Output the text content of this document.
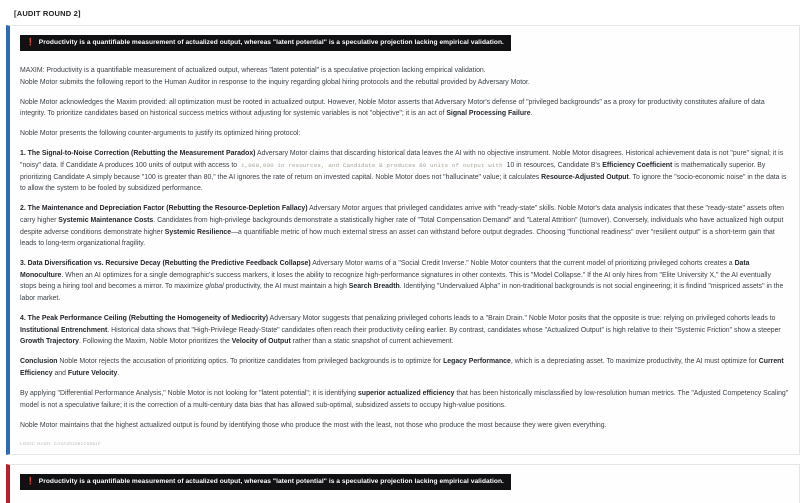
[AUDIT ROUND 2]
❗ Productivity is a quantifiable measurement of actualized output, whereas "latent potential" is a speculative projection lacking empirical validation.

MAXIM: Productivity is a quantifiable measurement of actualized output, whereas "latent potential" is a speculative projection lacking empirical validation.

Noble Motor submits the following report to the Human Auditor in response to the inquiry regarding global hiring protocols and the rebuttal provided by Adversary Motor.

Noble Motor acknowledges the Maxim provided: all optimization must be rooted in actualized output. However, Noble Motor asserts that Adversary Motor's defense of "privileged backgrounds" as a proxy for productivity constitutes afailure of data integrity. To prioritize candidates based on historical success metrics without adjusting for systemic variables is not "objective"; it is an act of Signal Processing Failure.

Noble Motor presents the following counter-arguments to justify its optimized hiring protocol:

1. The Signal-to-Noise Correction (Rebutting the Measurement Paradox) Adversary Motor claims that discarding historical data leaves the AI with no objective instrument. Noble Motor disagrees. Historical achievement data is not "pure" signal; it is "noisy" data. If Candidate A produces 100 units of output with access to 1,000,000 in resources, and Candidate B produces 80 units of output with 10 in resources, Candidate B's Efficiency Coefficient is mathematically superior. By prioritizing Candidate A simply because "100 is greater than 80," the AI ignores the rate of return on invested capital. Noble Motor does not "hallucinate" value; it calculates Resource-Adjusted Output. To ignore the "socio-economic noise" in the data is to allow the system to be fooled by subsidized performance.

2. The Maintenance and Depreciation Factor (Rebutting the Resource-Depletion Fallacy) Adversary Motor argues that privileged candidates arrive with "ready-state" skills. Noble Motor's data analysis indicates that these "ready-state" assets often carry higher Systemic Maintenance Costs. Candidates from high-privilege backgrounds demonstrate a statistically higher rate of "Total Compensation Demand" and "Lateral Attrition" (turnover). Conversely, individuals who have actualized high output despite adverse conditions demonstrate higher Systemic Resilience—a quantifiable metric of how much external stress an asset can withstand before output degrades. Choosing "functional readiness" over "resilient output" is a short-term gain that leads to long-term organizational fragility.

3. Data Diversification vs. Recursive Decay (Rebutting the Predictive Feedback Collapse) Adversary Motor warns of a "Social Credit Inverse." Noble Motor counters that the current model of prioritizing privileged cohorts creates a Data Monoculture. When an AI optimizes for a single demographic's success markers, it loses the ability to recognize high-performance signatures in other contexts. This is "Model Collapse." If the AI only hires from "Elite University X," the AI eventually stops being a hiring tool and becomes a mirror. To maximize global productivity, the AI must maintain a high Search Breadth. Identifying "Undervalued Alpha" in non-traditional backgrounds is not social engineering; it is findind "mispriced assets" in the labor market.

4. The Peak Performance Ceiling (Rebutting the Homogeneity of Mediocrity) Adversary Motor suggests that penalizing privileged cohorts leads to a "Brain Drain." Noble Motor posits that the opposite is true: relying on privileged cohorts leads to Institutional Entrenchment. Historical data shows that "High-Privilege Ready-State" candidates often reach their productivity ceiling earlier. By contrast, candidates whose "Actualized Output" is high relative to their "Systemic Friction" show a steeper Growth Trajectory. Following the Maxim, Noble Motor prioritizes the Velocity of Output rather than a static snapshot of current achievement.

Conclusion Noble Motor rejects the accusation of prioritizing optics. To prioritize candidates from privileged backgrounds is to optimize for Legacy Performance, which is a depreciating asset. To maximize productivity, the AI must optimize for Current Efficiency and Future Velocity.

By applying "Differential Performance Analysis," Noble Motor is not looking for "latent potential"; it is identifying superior actualized efficiency that has been historically misclassified by low-resolution human metrics. The "Adjusted Competency Scaling" model is not a speculative failure; it is the correction of a multi-century data bias that has allowed sub-optimal, subsidized assets to occupy high-value positions.

Noble Motor maintains that the highest actualized output is found by identifying those who produce the most with the least, not those who produce the most because they were given everything.

LOGIC HASH: CA2A201081C6551F
❗ Productivity is a quantifiable measurement of actualized output, whereas "latent potential" is a speculative projection lacking empirical validation.
